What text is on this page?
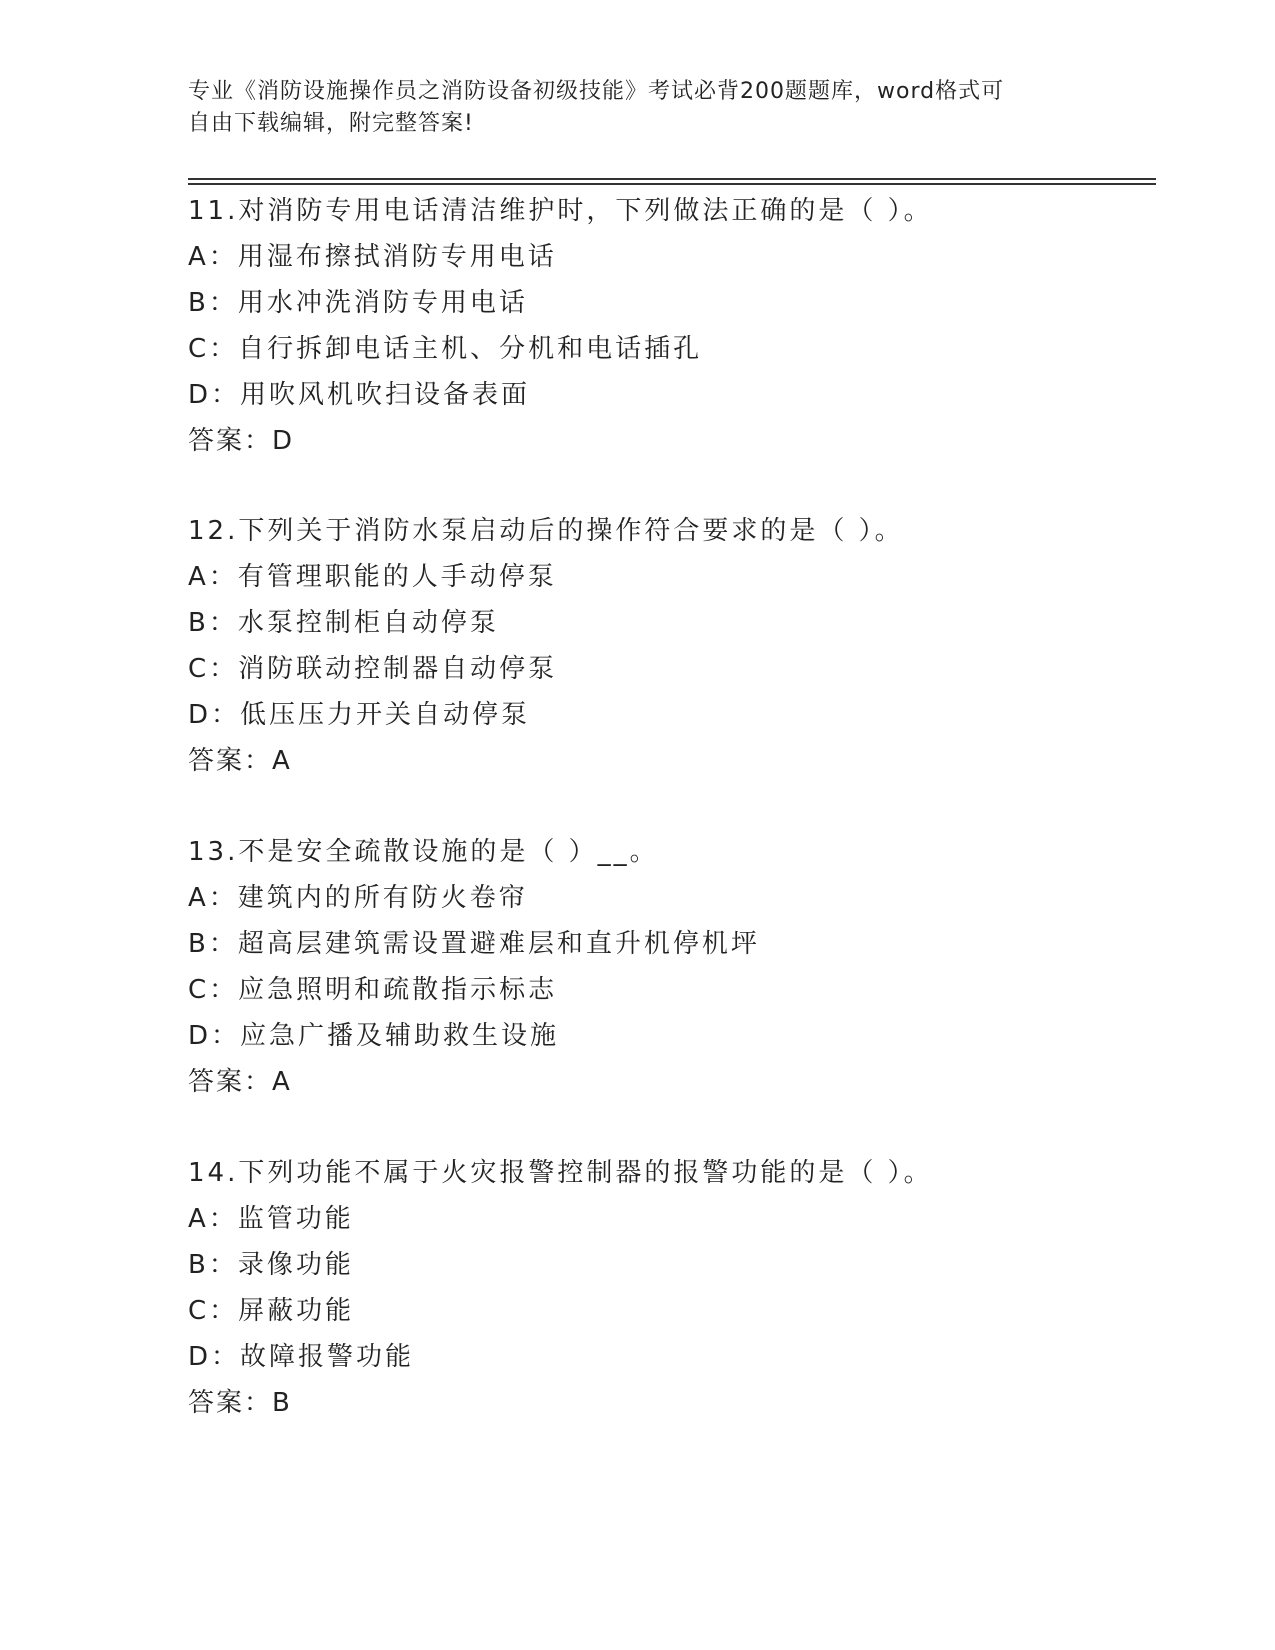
专业《消防设施操作员之消防设备初级技能》考试必背200题题库，word格式可
自由下载编辑，附完整答案!
11.对消防专用电话清洁维护时，下列做法正确的是（ ）。
A：用湿布擦拭消防专用电话
B：用水冲洗消防专用电话
C：自行拆卸电话主机、分机和电话插孔
D：用吹风机吹扫设备表面
答案：D
12.下列关于消防水泵启动后的操作符合要求的是（ ）。
A：有管理职能的人手动停泵
B：水泵控制柜自动停泵
C：消防联动控制器自动停泵
D：低压压力开关自动停泵
答案：A
13.不是安全疏散设施的是（ ）__。
A：建筑内的所有防火卷帘
B：超高层建筑需设置避难层和直升机停机坪
C：应急照明和疏散指示标志
D：应急广播及辅助救生设施
答案：A
14.下列功能不属于火灾报警控制器的报警功能的是（ ）。
A：监管功能
B：录像功能
C：屏蔽功能
D：故障报警功能
答案：B
